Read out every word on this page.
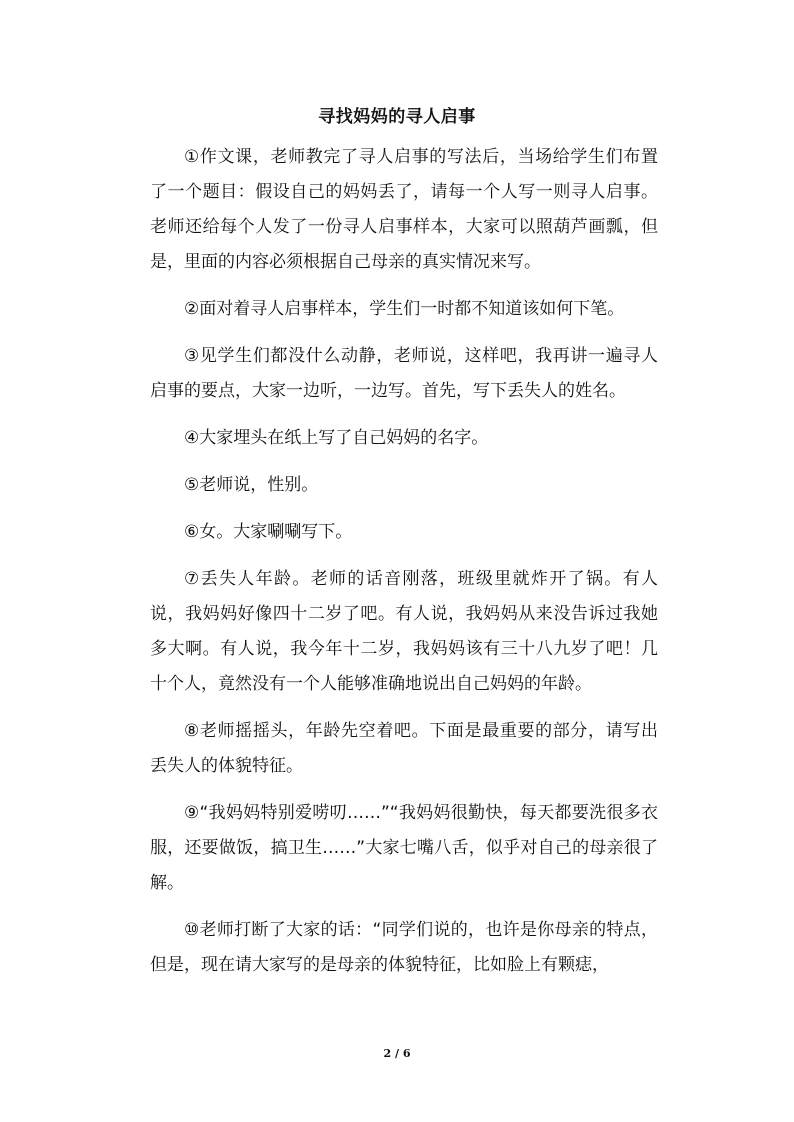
寻找妈妈的寻人启事

①作文课，老师教完了寻人启事的写法后，当场给学生们布置了一个题目：假设自己的妈妈丢了，请每一个人写一则寻人启事。老师还给每个人发了一份寻人启事样本，大家可以照葫芦画瓢，但是，里面的内容必须根据自己母亲的真实情况来写。

②面对着寻人启事样本，学生们一时都不知道该如何下笔。

③见学生们都没什么动静，老师说，这样吧，我再讲一遍寻人启事的要点，大家一边听，一边写。首先，写下丢失人的姓名。

④大家埋头在纸上写了自己妈妈的名字。

⑤老师说，性别。

⑥女。大家唰唰写下。

⑦丢失人年龄。老师的话音刚落，班级里就炸开了锅。有人说，我妈妈好像四十二岁了吧。有人说，我妈妈从来没告诉过我她多大啊。有人说，我今年十二岁，我妈妈该有三十八九岁了吧！几十个人，竟然没有一个人能够准确地说出自己妈妈的年龄。

⑧老师摇摇头，年龄先空着吧。下面是最重要的部分，请写出丢失人的体貌特征。

⑨“我妈妈特别爱唠叨……”“我妈妈很勤快，每天都要洗很多衣服，还要做饭，搞卫生……”大家七嘴八舌，似乎对自己的母亲很了解。

⑩老师打断了大家的话：“同学们说的，也许是你母亲的特点，但是，现在请大家写的是母亲的体貌特征，比如脸上有颗痣，

2 / 6
